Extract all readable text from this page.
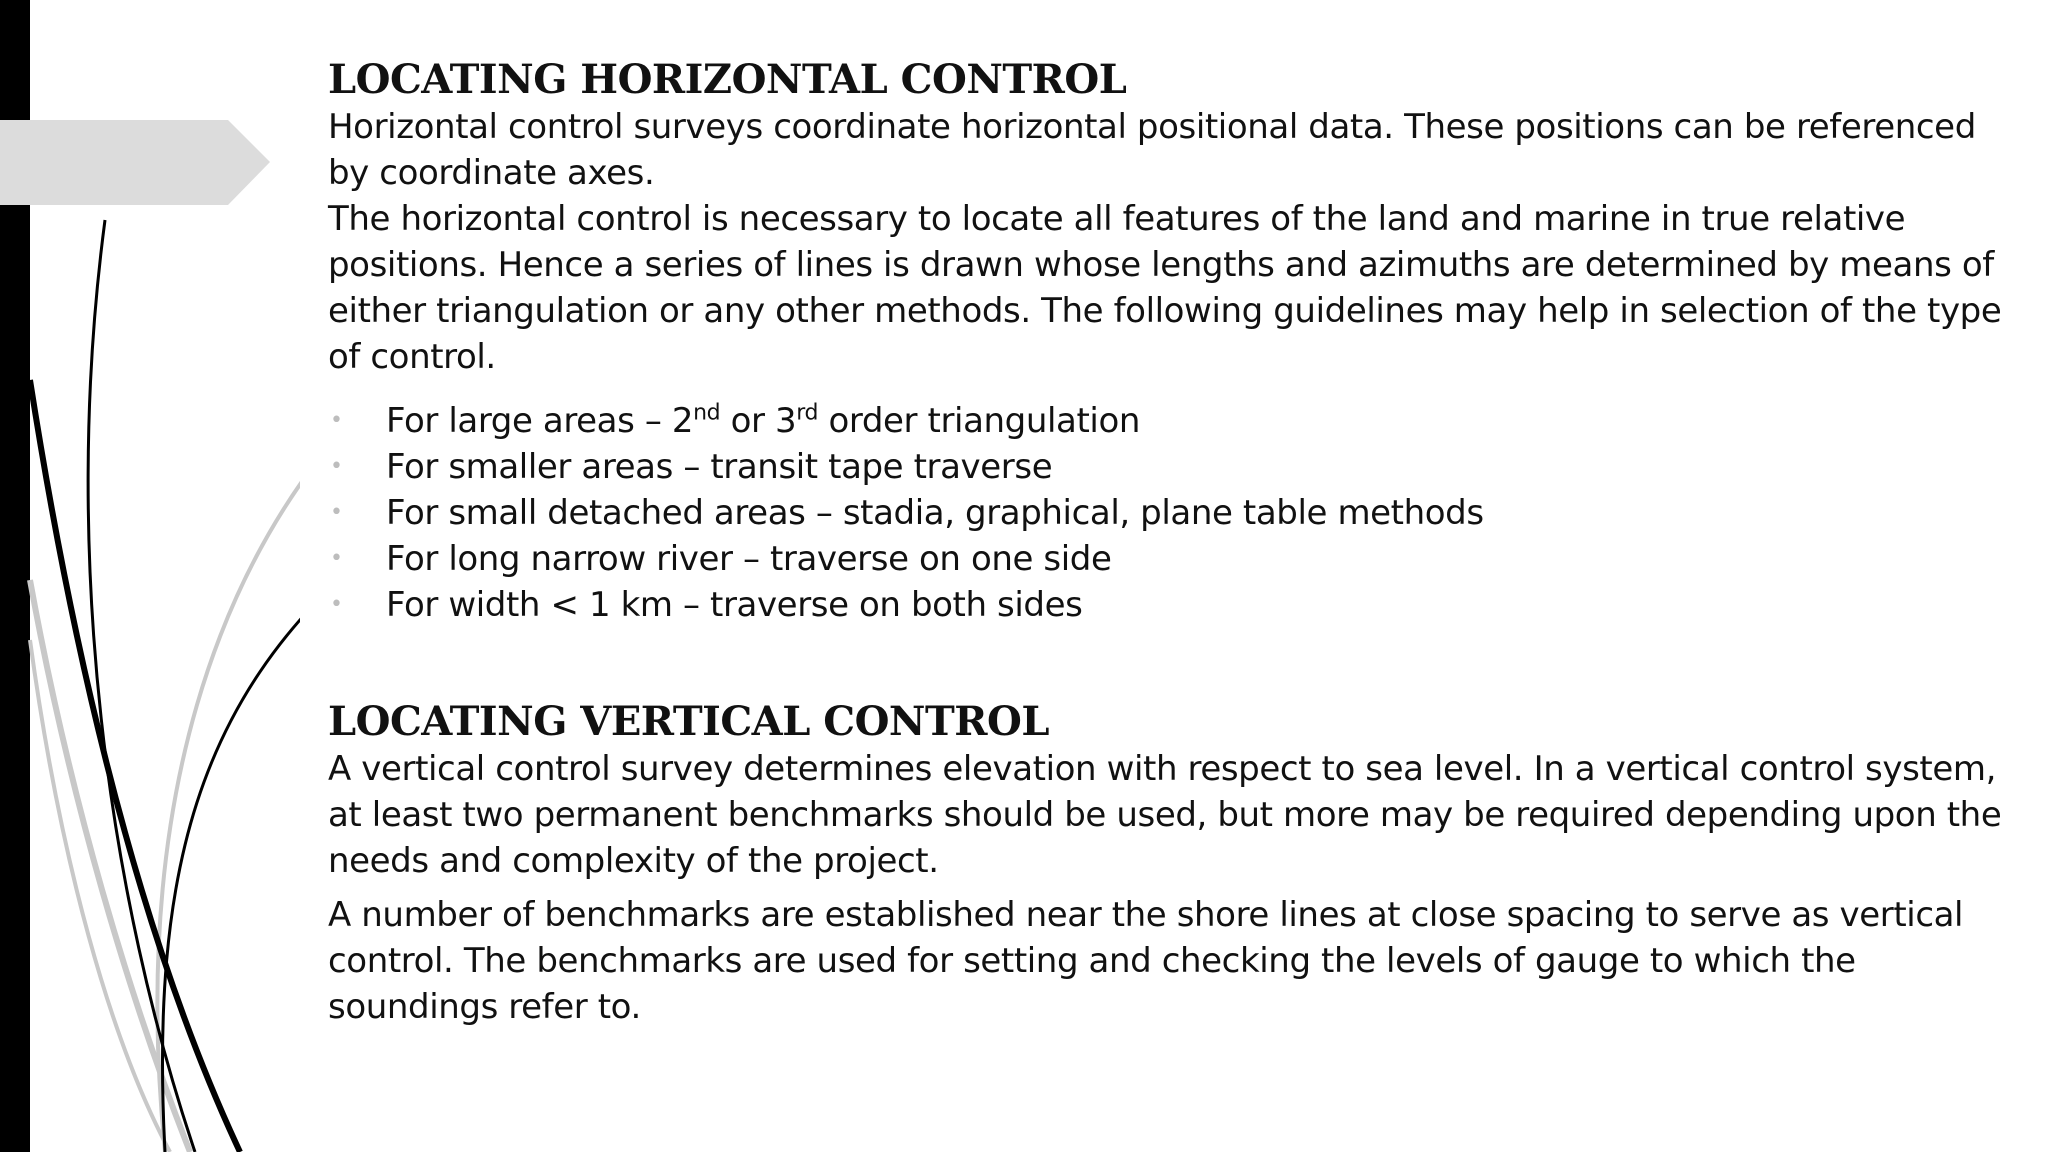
LOCATING HORIZONTAL CONTROL

Horizontal control surveys coordinate horizontal positional data. These positions can be referenced by coordinate axes.

The horizontal control is necessary to locate all features of the land and marine in true relative positions. Hence a series of lines is drawn whose lengths and azimuths are determined by means of either triangulation or any other methods. The following guidelines may help in selection of the type of control.

• For large areas – 2nd or 3rd order triangulation
• For smaller areas – transit tape traverse
• For small detached areas – stadia, graphical, plane table methods
• For long narrow river – traverse on one side
• For width < 1 km – traverse on both sides
LOCATING VERTICAL CONTROL

A vertical control survey determines elevation with respect to sea level. In a vertical control system, at least two permanent benchmarks should be used, but more may be required depending upon the needs and complexity of the project.

A number of benchmarks are established near the shore lines at close spacing to serve as vertical control. The benchmarks are used for setting and checking the levels of gauge to which the soundings refer to.
